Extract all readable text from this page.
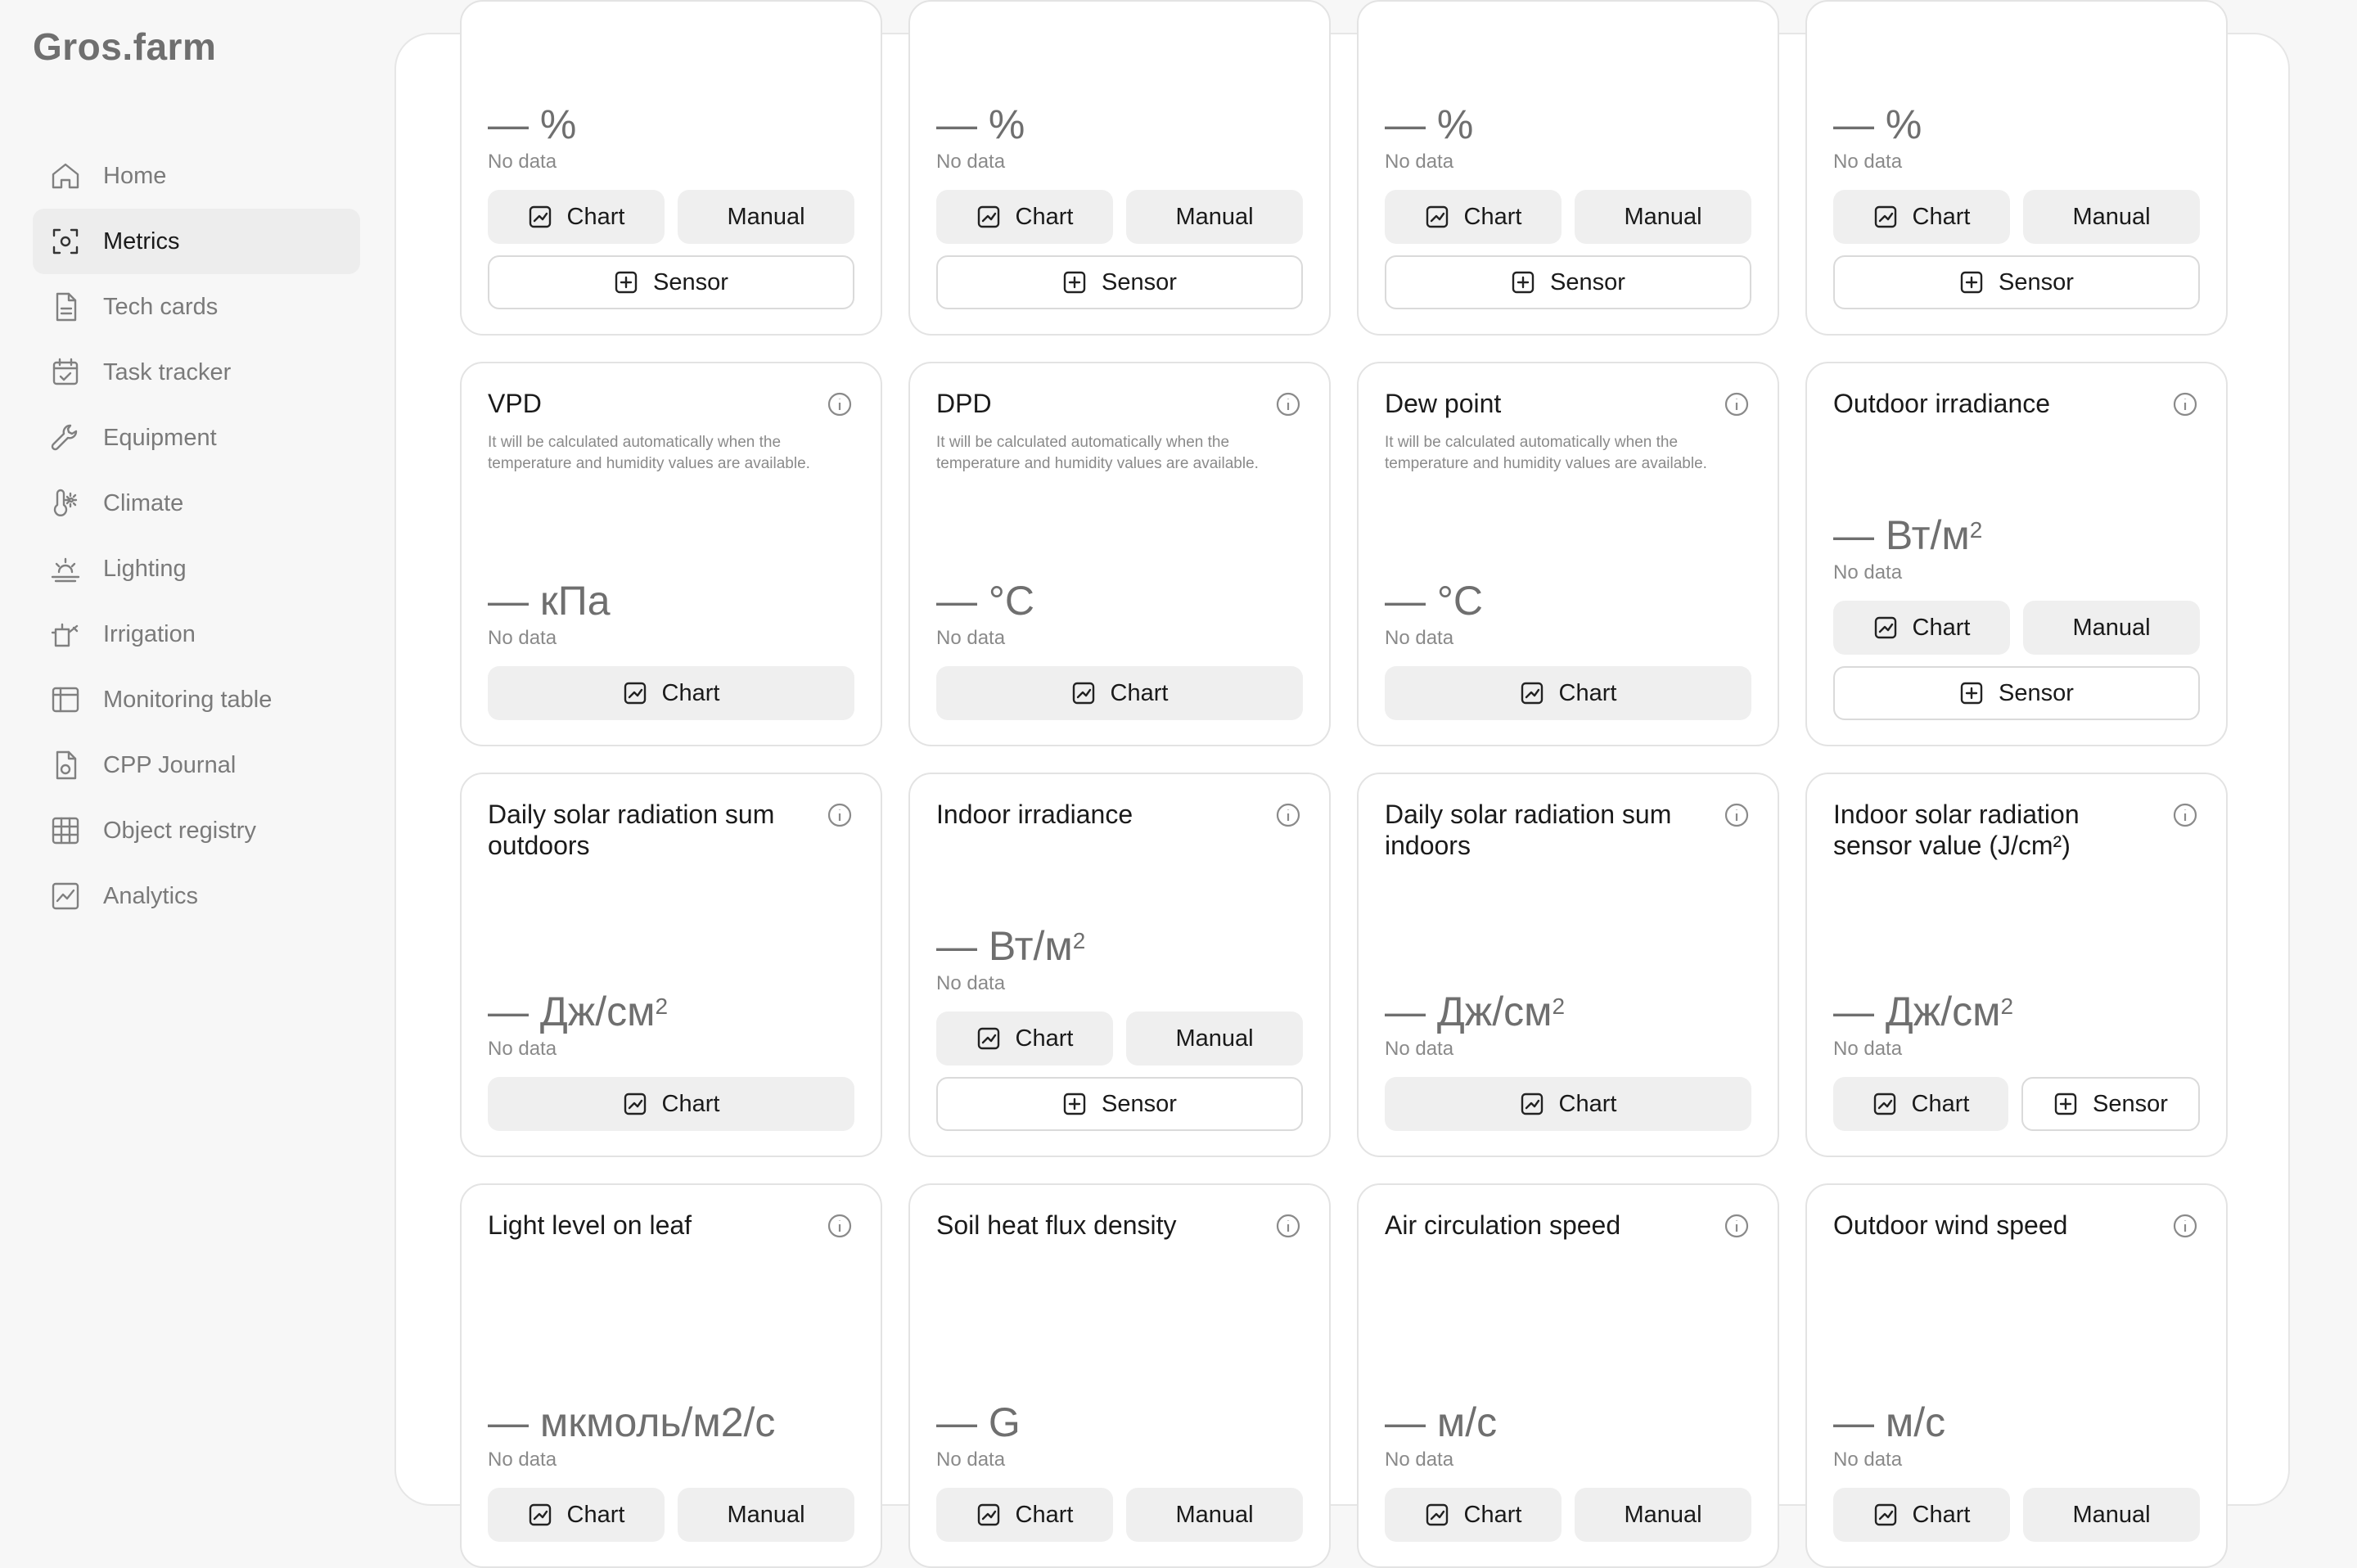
Gros.farm
Home
Metrics
Tech cards
Task tracker
Equipment
Climate
Lighting
Irrigation
Monitoring table
CPP Journal
Object registry
Analytics
— %
No data
Chart	Manual
Sensor
— %
No data
Chart	Manual
Sensor
— %
No data
Chart	Manual
Sensor
— %
No data
Chart	Manual
Sensor
VPD
It will be calculated automatically when the temperature and humidity values are available.
— кПа
No data
Chart
DPD
It will be calculated automatically when the temperature and humidity values are available.
— °C
No data
Chart
Dew point
It will be calculated automatically when the temperature and humidity values are available.
— °C
No data
Chart
Outdoor irradiance
— $Вт/м^2$
No data
Chart	Manual
Sensor
Daily solar radiation sum outdoors
— $Дж/см^2$
No data
Chart
Indoor irradiance
— $Вт/м^2$
No data
Chart	Manual
Sensor
Daily solar radiation sum indoors
— $Дж/см^2$
No data
Chart
Indoor solar radiation sensor value (J/cm²)
— $Дж/см^2$
No data
Chart	Sensor
Light level on leaf
— мкмоль/м2/с
No data
Chart	Manual
Soil heat flux density
— G
No data
Chart	Manual
Air circulation speed
— м/с
No data
Chart	Manual
Outdoor wind speed
— м/с
No data
Chart	Manual
